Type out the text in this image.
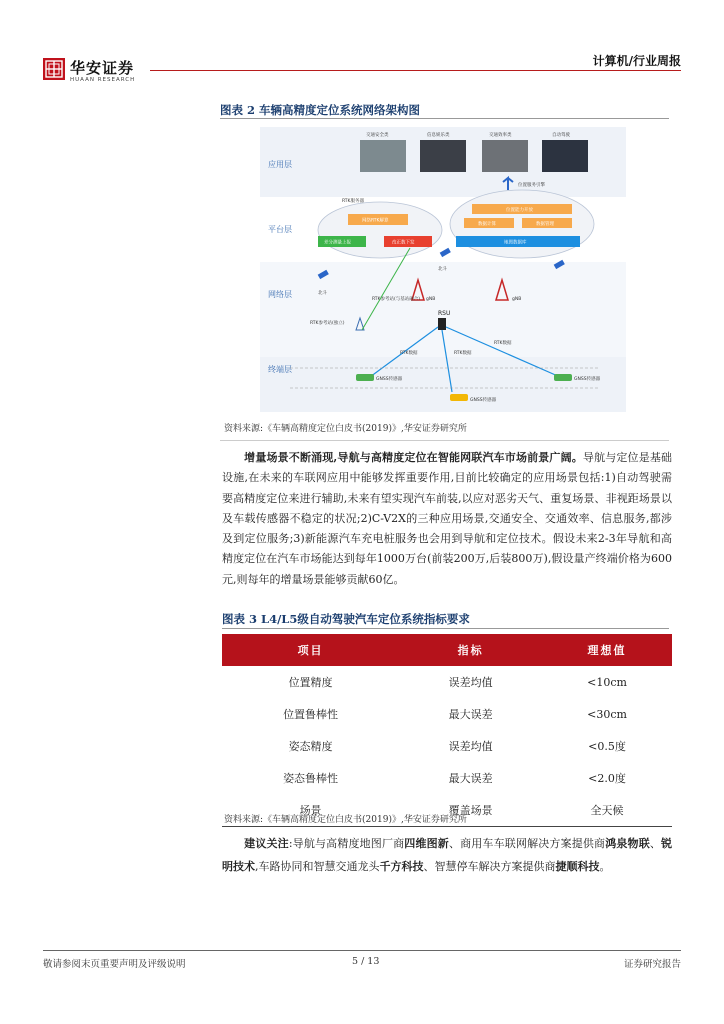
华安证券
HUAAN RESEARCH
计算机/行业周报
图表 2 车辆高精度定位系统网络架构图
应用层
平台层
网络层
终端层
交通安全类	信息娱乐类	交通效率类	自动驾驶
位置服务引擎
RTK服务器
网络RTK解算
差分测量上报	改正数下发
位置能力开放
数据计算	数据管理
地图数据库
北斗
北斗
gNB	gNB
RTK参考站(与基站融合)
RTK参考站(独立)
RSU
RTK数据	RTK数据
RTK数据
GNSS传感器
GNSS传感器
GNSS传感器
资料来源:《车辆高精度定位白皮书(2019)》,华安证券研究所
增量场景不断涌现,导航与高精度定位在智能网联汽车市场前景广阔。导航与定位是基础设施,在未来的车联网应用中能够发挥重要作用,目前比较确定的应用场景包括:1)自动驾驶需要高精度定位来进行辅助,未来有望实现汽车前装,以应对恶劣天气、重复场景、非视距场景以及车载传感器不稳定的状况;2)C-V2X的三种应用场景,交通安全、交通效率、信息服务,都涉及到定位服务;3)新能源汽车充电桩服务也会用到导航和定位技术。假设未来2-3年导航和高精度定位在汽车市场能达到每年1000万台(前装200万,后装800万),假设量产终端价格为600元,则每年的增量场景能够贡献60亿。
图表 3 L4/L5级自动驾驶汽车定位系统指标要求
项目	指标	理想值
位置精度	误差均值	<10cm
位置鲁棒性	最大误差	<30cm
姿态精度	误差均值	<0.5度
姿态鲁棒性	最大误差	<2.0度
场景	覆盖场景	全天候
资料来源:《车辆高精度定位白皮书(2019)》,华安证券研究所
建议关注:导航与高精度地图厂商四维图新、商用车车联网解决方案提供商鸿泉物联、锐明技术,车路协同和智慧交通龙头千方科技、智慧停车解决方案提供商捷顺科技。
敬请参阅末页重要声明及评级说明	5 / 13	证券研究报告
